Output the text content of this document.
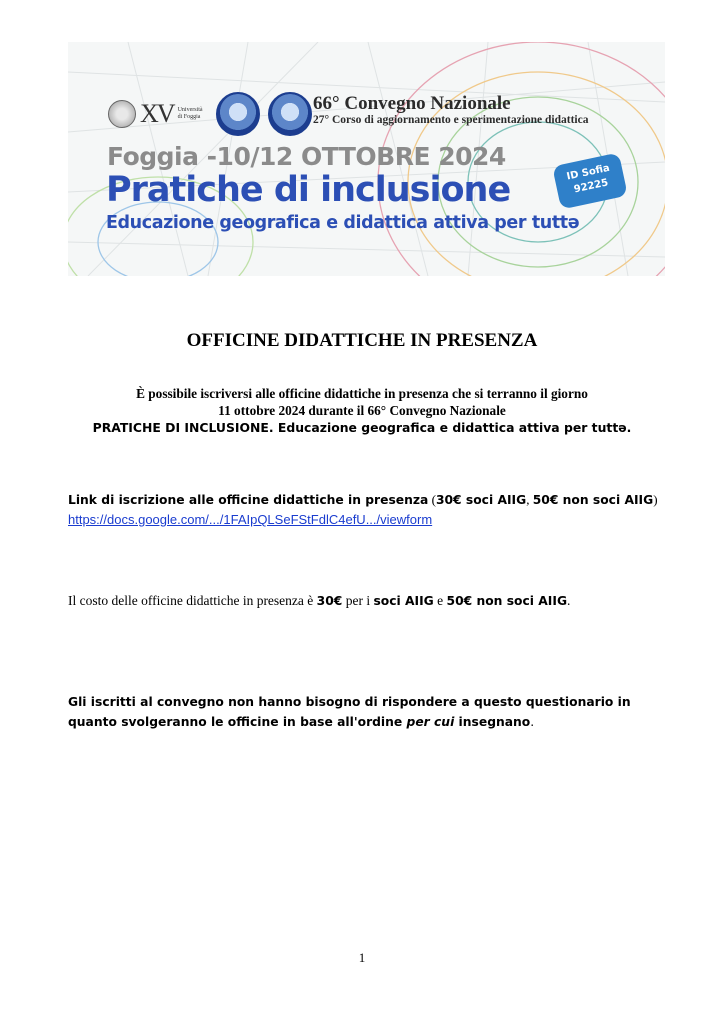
XV Università di Foggia
66° Convegno Nazionale
27° Corso di aggiornamento e sperimentazione didattica
Foggia -10/12 OTTOBRE 2024
Pratiche di inclusione
Educazione geografica e didattica attiva per tuttə
ID Sofia
92225
OFFICINE DIDATTICHE IN PRESENZA
È possibile iscriversi alle officine didattiche in presenza che si terranno il giorno
11 ottobre 2024 durante il 66° Convegno Nazionale
PRATICHE DI INCLUSIONE. Educazione geografica e didattica attiva per tuttə.
Link di iscrizione alle officine didattiche in presenza (30€ soci AIIG, 50€ non soci AIIG)
https://docs.google.com/.../1FAIpQLSeFStFdlC4efU.../viewform
Il costo delle officine didattiche in presenza è 30€ per i soci AIIG e 50€ non soci AIIG.
Gli iscritti al convegno non hanno bisogno di rispondere a questo questionario in quanto svolgeranno le officine in base all'ordine per cui insegnano.
1
